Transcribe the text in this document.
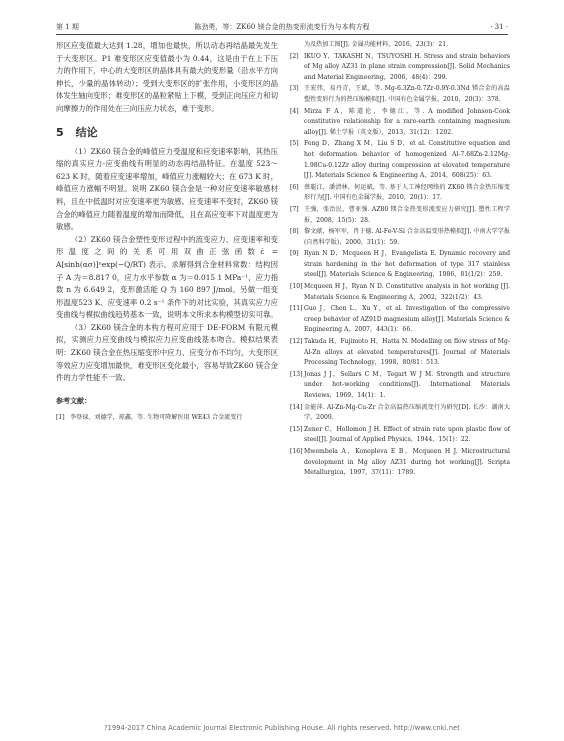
第 1 期	陈劲勇，等：ZK60 镁合金的热变形流变行为与本构方程	· 31 ·

形区应变值最大达到 1.28，增加也最快，所以动态再结晶最先发生于大变形区。P1 难变形区应变值最小为 0.44，这是由于在上下压力的作用下，中心的大变形区的晶体具有最大的变形量（沿水平方向伸长，少量的晶体转动）；受到大变形区的扩张作用，小变形区的晶体发生轴向变形；难变形区的晶粒紧贴上下模，受到正向压应力和切向摩擦力的作用处在三向压应力状态，难于变形。

5 结论

（1）ZK60 镁合金的峰值应力受温度和应变速率影响，其热压缩的真实应力-应变曲线有明显的动态再结晶特征。在温度 523～623 K 时，随着应变速率增加，峰值应力涨幅较大；在 673 K 时，峰值应力涨幅不明显。说明 ZK60 镁合金是一种对应变速率敏感材料，且在中低温时对应变速率更为敏感。应变速率不变时，ZK60 镁合金的峰值应力随着温度的增加而降低，且在高应变率下对温度更为敏感。

（2）ZK60 镁合金塑性变形过程中的流变应力、应变速率和变形温度之间的关系可用双曲正弦函数ε̇ = A[sinh(ασ)]ⁿexp(−Q/RT) 表示。求解得到合金材料常数：结构因子 A 为＝8.817 0，应力水平参数 α 为＝0.015 1 MPa⁻¹，应力指数 n 为 6.649 2，变形激活能 Q 为 160 897 J/mol。另做一组变形温度523 K、应变速率 0.2 s⁻¹ 条件下的对比实验，其真实应力应变曲线与模拟曲线趋势基本一致，说明本文所求本构模型切实可靠。

（3）ZK60 镁合金的本构方程可应用于 DE-FORM 有限元模拟，实测应力应变曲线与模拟应力应变曲线基本吻合。模拟结果表明：ZK60 镁合金在热压缩变形中应力、应变分布不均匀，大变形区等效应力应变增加最快，难变形区变化最小，容易导致ZK60 镁合金件的力学性能不一致。

参考文献：
[1] 李登禄，刘德学，琼鑫，等. 生物可降解医用 WE43 合金流变行
为及热加工图[J]. 金属功能材料，2016，23(3)：21.
[2] IKUO Y，TAKASHI N，TSUYOSHI H. Stress and strain behaviors of Mg alloy AZ31 in plane strain compression[J]. Solid Mechanics and Material Engineering，2006，48(4)：299.
[3] 王宏伟，易丹青，王斌，等. Mg-6.3Zn-0.7Zr-0.9Y-0.3Nd 镁合金的高温塑性变形行为的热压缩模拟[J]. 中国有色金属学报，2010，20(3)：378.
[4] Mirza F A，陈道伦，李德江，等. A modified Johnson-Cook constitutive relationship for a rare-earth containing magnesium alloy[J]. 稀土学报（英文版），2013，31(12)：1202.
[5] Feng D，Zhang X M，Liu S D，et al. Constitutive equation and hot deformation behavior of homogenized Al-7.68Zn-2.12Mg-1.98Cu-0.12Zr alloy during compression at elevated temperature [J]. Materials Science & Engineering A，2014，608(25)：63.
[6] 蔡聪江，潘清林，何运斌，等. 基于人工神经网络的 ZK60 镁合金热压缩变形行为[J]. 中国有色金属学报，2010，20(1)：17.
[7] 王强，张治民，曹亚强. AZ80 镁合金热变形流变应力研究[J]. 塑性工程学报，2008，15(5)：28.
[8] 黎文献，杨军军，肖于德. Al-Fe-V-Si 合金高温变形热模拟[J]. 中南大学学报(自然科学版)，2000，31(1)：59.
[9] Ryan N D，Mcqueen H J，Evangelista E. Dynamic recovery and strain hardening in the hot deformation of type 317 stainless steel[J]. Materials Science & Engineering，1986，81(1/2)：259.
[10] Mcqueen H J，Ryan N D. Constitutive analysis in hot working [J]. Materials Science & Engineering A，2002，322(1/2)：43.
[11] Guo J，Chen L，Xu Y，et al. Investigation of the compressive creep behavior of AZ91D magnesium alloy[J]. Materials Science & Engineering A，2007，443(1)：66.
[12] Takuda H，Fujimoto H，Hatta N. Modelling on flow stress of Mg-Al-Zn alloys at elevated temperatures[J]. Journal of Materials Processing Technology，1998，80/81：513.
[13] Jonas J J，Sellars C M，Tegart W J M. Strength and structure under hot-working conditions[J]. International Materials Reviews，1969，14(1)：1.
[14] 金能萍. Al-Zn-Mg-Cu-Zr 合金高温热压缩流变行为研究[D]. 长沙：湖南大学，2009.
[15] Zener C，Hollomon J H. Effect of strain rate upon plastic flow of steel[J]. Journal of Applied Physics，1944，15(1)：22.
[16] Mwembela A，Konopleva E B，Mcqueen H J. Microstructural development in Mg alloy AZ31 during hot working[J]. Scripta Metallurgica，1997，37(11)：1789.
?1994-2017 China Academic Journal Electronic Publishing House. All rights reserved. http://www.cnki.net
